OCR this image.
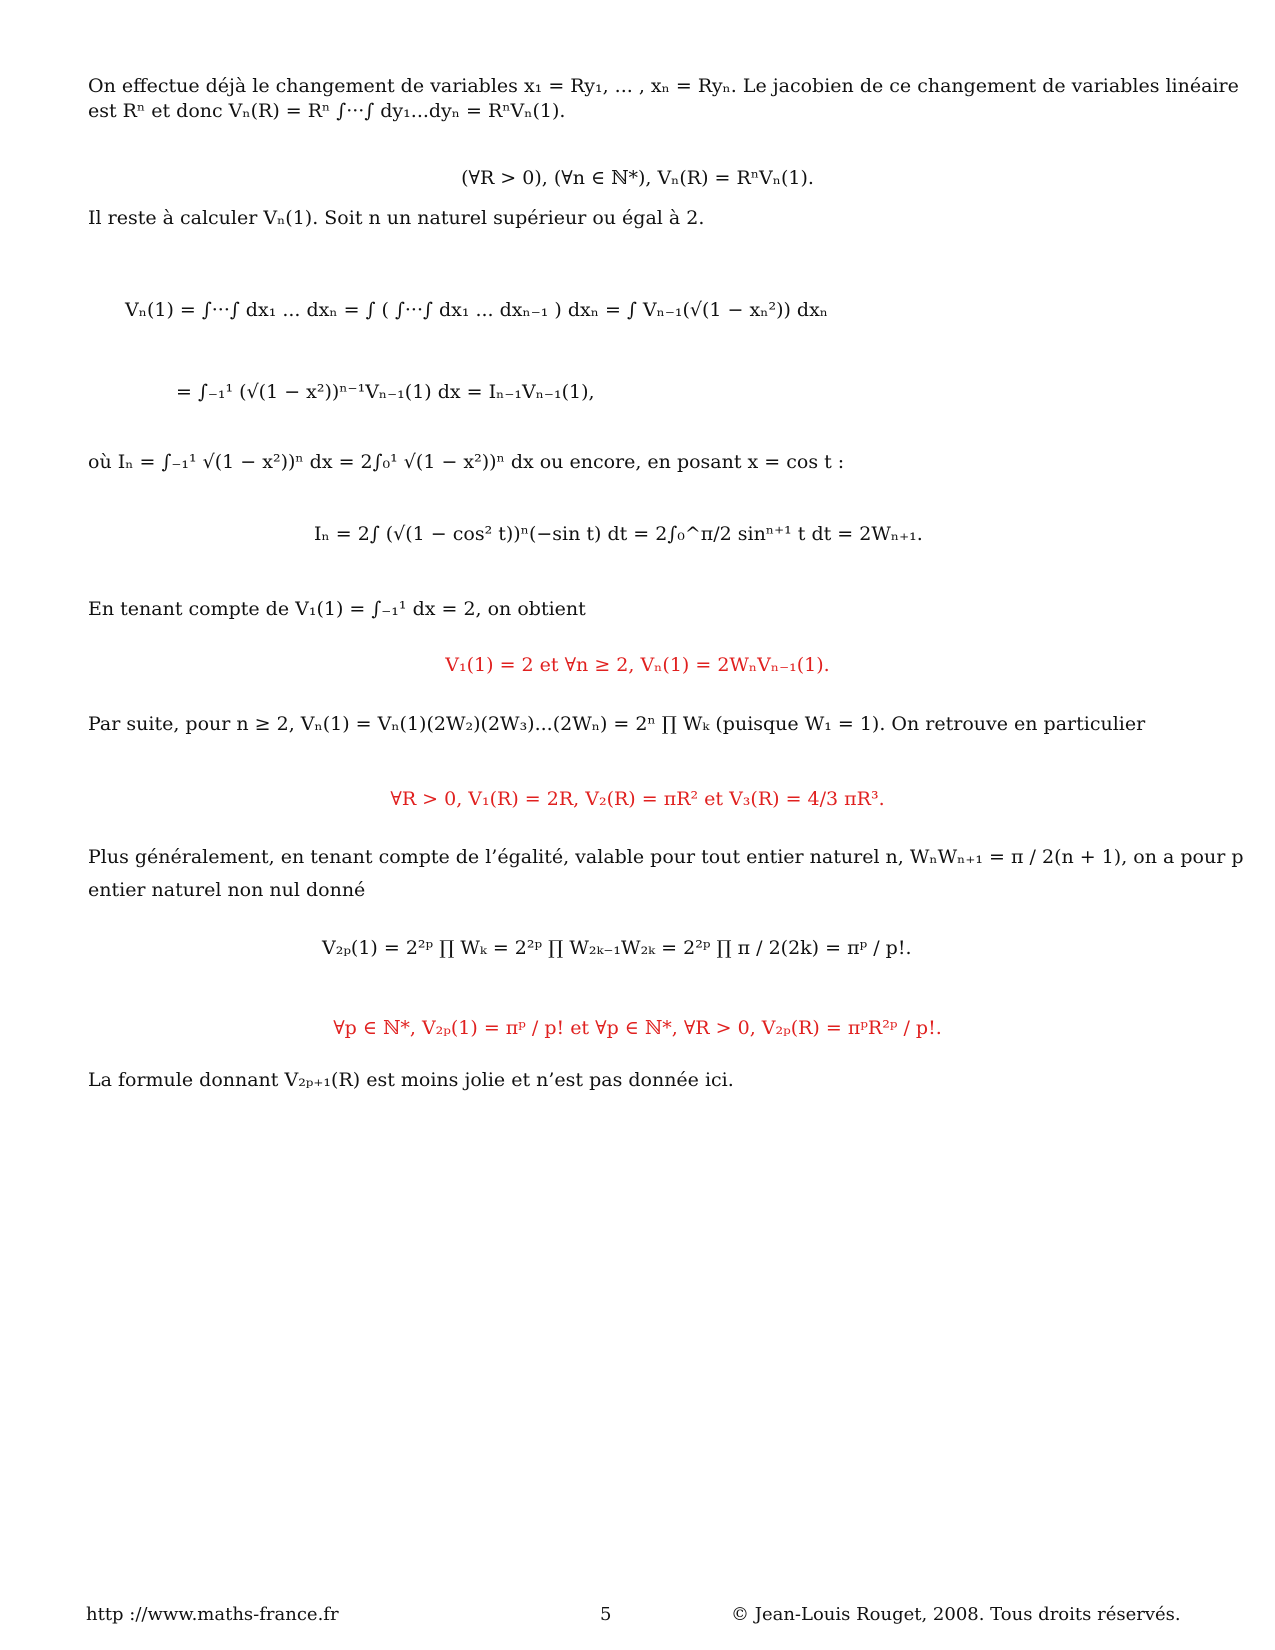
On effectue déjà le changement de variables x₁ = Ry₁, ... , xₙ = Ryₙ. Le jacobien de ce changement de variables linéaire
est Rⁿ et donc Vₙ(R) = Rⁿ ∫···∫ dy₁...dyₙ = RⁿVₙ(1).
(∀R > 0), (∀n ∈ ℕ*), Vₙ(R) = RⁿVₙ(1).
Il reste à calculer Vₙ(1). Soit n un naturel supérieur ou égal à 2.
Vₙ(1) = ∫···∫ dx₁ ... dxₙ = ∫ ( ∫···∫ dx₁ ... dxₙ₋₁ ) dxₙ = ∫ Vₙ₋₁(√(1 − xₙ²)) dxₙ
= ∫₋₁¹ (√(1 − x²))ⁿ⁻¹Vₙ₋₁(1) dx = Iₙ₋₁Vₙ₋₁(1),
où Iₙ = ∫₋₁¹ √(1 − x²))ⁿ dx = 2∫₀¹ √(1 − x²))ⁿ dx ou encore, en posant x = cos t :
Iₙ = 2∫ (√(1 − cos² t))ⁿ(−sin t) dt = 2∫₀^π/2 sinⁿ⁺¹ t dt = 2Wₙ₊₁.
En tenant compte de V₁(1) = ∫₋₁¹ dx = 2, on obtient
V₁(1) = 2 et ∀n ≥ 2, Vₙ(1) = 2WₙVₙ₋₁(1).
Par suite, pour n ≥ 2, Vₙ(1) = Vₙ(1)(2W₂)(2W₃)...(2Wₙ) = 2ⁿ ∏ Wₖ (puisque W₁ = 1). On retrouve en particulier
∀R > 0, V₁(R) = 2R, V₂(R) = πR² et V₃(R) = 4/3 πR³.
Plus généralement, en tenant compte de l’égalité, valable pour tout entier naturel n, WₙWₙ₊₁ = π / 2(n + 1), on a pour p
entier naturel non nul donné
V₂ₚ(1) = 2²ᵖ ∏ Wₖ = 2²ᵖ ∏ W₂ₖ₋₁W₂ₖ = 2²ᵖ ∏ π / 2(2k) = πᵖ / p!.
∀p ∈ ℕ*, V₂ₚ(1) = πᵖ / p! et ∀p ∈ ℕ*, ∀R > 0, V₂ₚ(R) = πᵖR²ᵖ / p!.
La formule donnant V₂ₚ₊₁(R) est moins jolie et n’est pas donnée ici.
http ://www.maths-france.fr	5	© Jean-Louis Rouget, 2008. Tous droits réservés.
